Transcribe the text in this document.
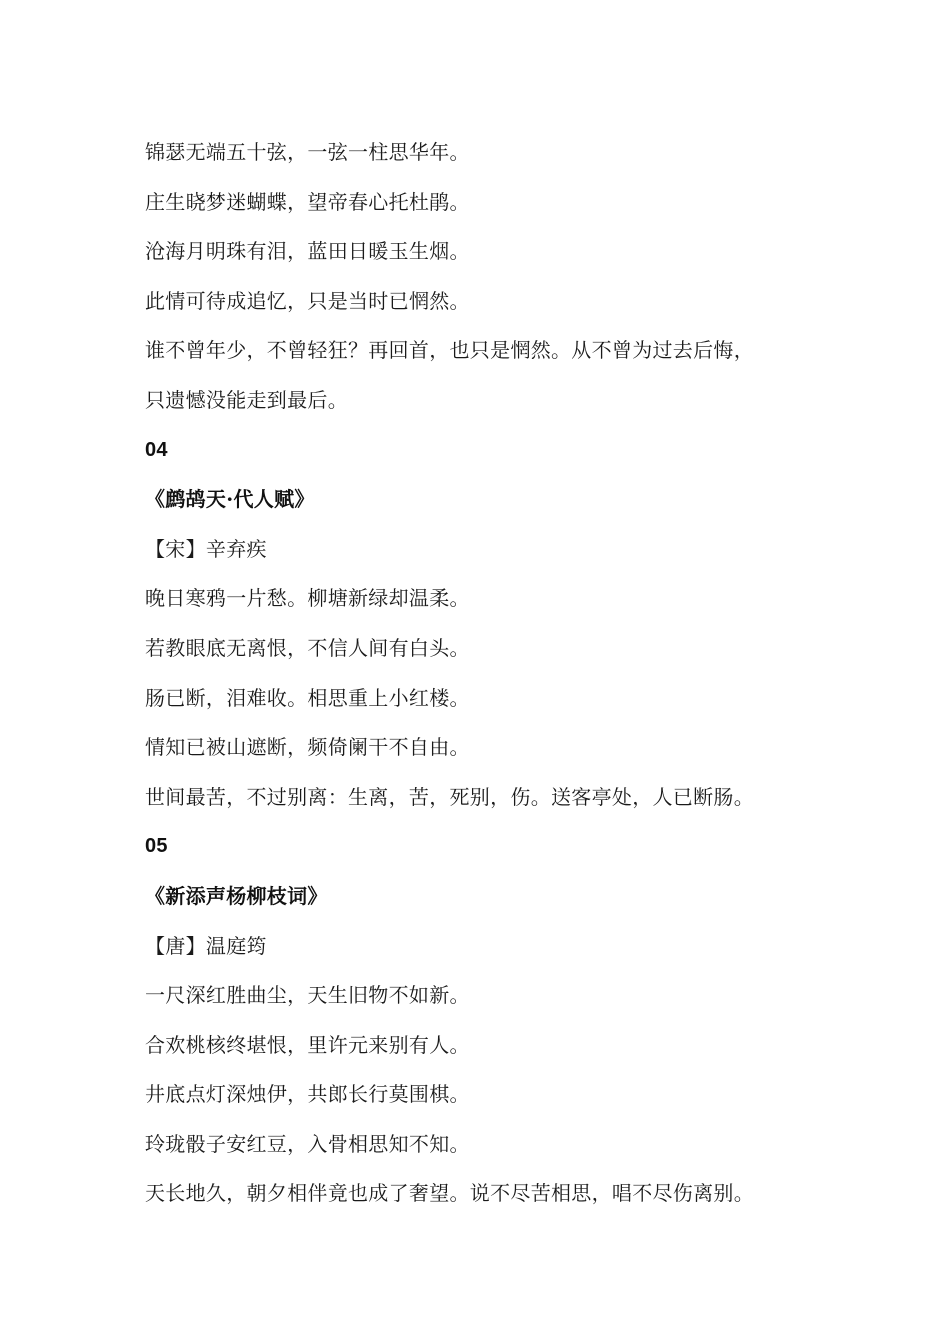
锦瑟无端五十弦，一弦一柱思华年。
庄生晓梦迷蝴蝶，望帝春心托杜鹃。
沧海月明珠有泪，蓝田日暖玉生烟。
此情可待成追忆，只是当时已惘然。
谁不曾年少，不曾轻狂？再回首，也只是惘然。从不曾为过去后悔，
只遗憾没能走到最后。
04
《鹧鸪天·代人赋》
【宋】辛弃疾
晚日寒鸦一片愁。柳塘新绿却温柔。
若教眼底无离恨，不信人间有白头。
肠已断，泪难收。相思重上小红楼。
情知已被山遮断，频倚阑干不自由。
世间最苦，不过别离：生离，苦，死别，伤。送客亭处，人已断肠。
05
《新添声杨柳枝词》
【唐】温庭筠
一尺深红胜曲尘，天生旧物不如新。
合欢桃核终堪恨，里许元来别有人。
井底点灯深烛伊，共郎长行莫围棋。
玲珑骰子安红豆，入骨相思知不知。
天长地久，朝夕相伴竟也成了奢望。说不尽苦相思，唱不尽伤离别。
